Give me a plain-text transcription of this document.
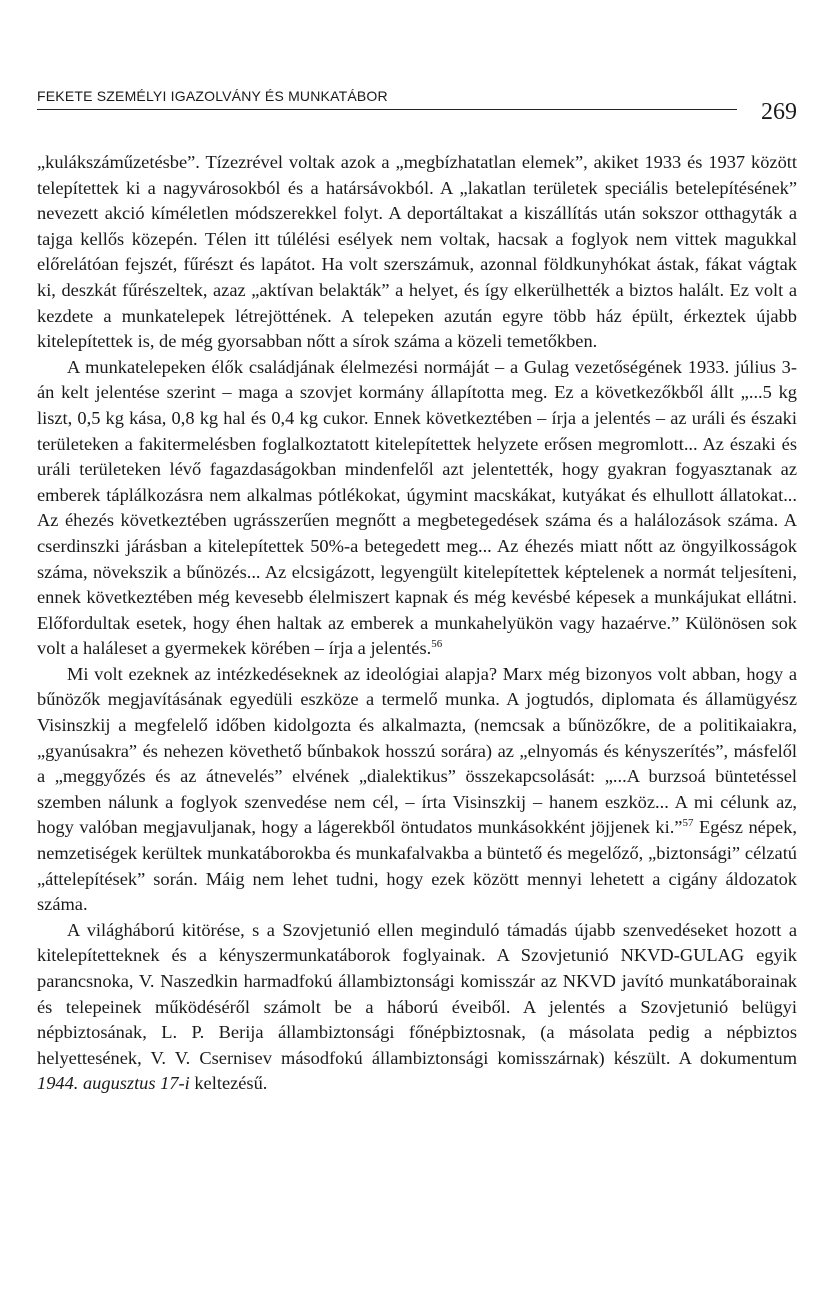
FEKETE SZEMÉLYI IGAZOLVÁNY ÉS MUNKATÁBOR
269

„kulákszáműzetésbe”. Tízezrével voltak azok a „megbízhatatlan elemek”, akiket 1933 és 1937 között telepítettek ki a nagyvárosokból és a határsávokból. A „lakatlan területek speciális betelepítésének” nevezett akció kíméletlen módszerekkel folyt. A deportáltakat a kiszállítás után sokszor otthagyták a tajga kellős közepén. Télen itt túlélési esélyek nem voltak, hacsak a foglyok nem vittek magukkal előrelátóan fejszét, fűrészt és lapátot. Ha volt szerszámuk, azonnal földkunyhókat ástak, fákat vágtak ki, deszkát fűrészeltek, azaz „aktívan belakták” a helyet, és így elkerülhették a biztos halált. Ez volt a kezdete a munkatelepek létrejöttének. A telepeken azután egyre több ház épült, érkeztek újabb kitelepítettek is, de még gyorsabban nőtt a sírok száma a közeli temetőkben.

A munkatelepeken élők családjának élelmezési normáját – a Gulag vezetőségének 1933. július 3-án kelt jelentése szerint – maga a szovjet kormány állapította meg. Ez a következőkből állt „...5 kg liszt, 0,5 kg kása, 0,8 kg hal és 0,4 kg cukor. Ennek következtében – írja a jelentés – az uráli és északi területeken a fakitermelésben foglalkoztatott kitelepítettek helyzete erősen megromlott... Az északi és uráli területeken lévő fagazdaságokban mindenfelől azt jelentették, hogy gyakran fogyasztanak az emberek táplálkozásra nem alkalmas pótlékokat, úgymint macskákat, kutyákat és elhullott állatokat... Az éhezés következtében ugrásszerűen megnőtt a megbetegedések száma és a halálozások száma. A cserdinszki járásban a kitelepítettek 50%-a betegedett meg... Az éhezés miatt nőtt az öngyilkosságok száma, növekszik a bűnözés... Az elcsigázott, legyengült kitelepítettek képtelenek a normát teljesíteni, ennek következtében még kevesebb élelmiszert kapnak és még kevésbé képesek a munkájukat ellátni. Előfordultak esetek, hogy éhen haltak az emberek a munkahelyükön vagy hazaérve.” Különösen sok volt a haláleset a gyermekek körében – írja a jelentés.$^{56}$

Mi volt ezeknek az intézkedéseknek az ideológiai alapja? Marx még bizonyos volt abban, hogy a bűnözők megjavításának egyedüli eszköze a termelő munka. A jogtudós, diplomata és államügyész Visinszkij a megfelelő időben kidolgozta és alkalmazta, (nemcsak a bűnözőkre, de a politikaiakra, „gyanúsakra” és nehezen követhető bűnbakok hosszú sorára) az „elnyomás és kényszerítés”, másfelől a „meggyőzés és az átnevelés” elvének „dialektikus” összekapcsolását: „...A burzsoá büntetéssel szemben nálunk a foglyok szenvedése nem cél, – írta Visinszkij – hanem eszköz... A mi célunk az, hogy valóban megjavuljanak, hogy a lágerekből öntudatos munkásokként jöjjenek ki.”$^{57}$ Egész népek, nemzetiségek kerültek munkatáborokba és munkafalvakba a büntető és megelőző, „biztonsági” célzatú „áttelepítések” során. Máig nem lehet tudni, hogy ezek között mennyi lehetett a cigány áldozatok száma.

A világháború kitörése, s a Szovjetunió ellen meginduló támadás újabb szenvedéseket hozott a kitelepítetteknek és a kényszermunkatáborok foglyainak. A Szovjetunió NKVD-GULAG egyik parancsnoka, V. Naszedkin harmadfokú állambiztonsági komisszár az NKVD javító munkatáborainak és telepeinek működéséről számolt be a háború éveiből. A jelentés a Szovjetunió belügyi népbiztosának, L. P. Berija állambiztonsági főnépbiztosnak, (a másolata pedig a népbiztos helyettesének, V. V. Csernisev másodfokú állambiztonsági komisszárnak) készült. A dokumentum 1944. augusztus 17-i keltezésű.
